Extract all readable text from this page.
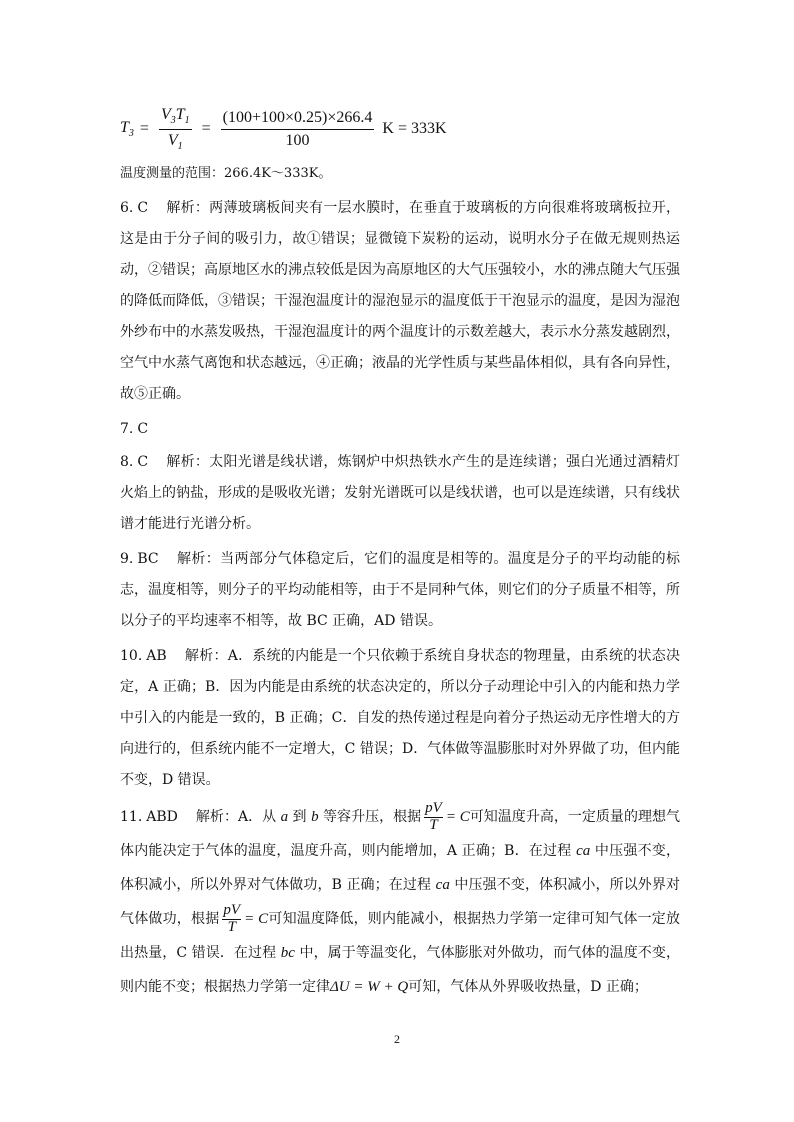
$T_3 = \frac{V_3T_1}{V_1} = \frac{(100+100\times 0.25)\times 266.4}{100}$ K = 333K
温度测量的范围：266.4K～333K。
6. C 解析：两薄玻璃板间夹有一层水膜时，在垂直于玻璃板的方向很难将玻璃板拉开，这是由于分子间的吸引力，故①错误；显微镜下炭粉的运动，说明水分子在做无规则热运动，②错误；高原地区水的沸点较低是因为高原地区的大气压强较小，水的沸点随大气压强的降低而降低，③错误；干湿泡温度计的湿泡显示的温度低于干泡显示的温度，是因为湿泡外纱布中的水蒸发吸热，干湿泡温度计的两个温度计的示数差越大，表示水分蒸发越剧烈，空气中水蒸气离饱和状态越远，④正确；液晶的光学性质与某些晶体相似，具有各向异性，故⑤正确。
7. C
8. C 解析：太阳光谱是线状谱，炼钢炉中炽热铁水产生的是连续谱；强白光通过酒精灯火焰上的钠盐，形成的是吸收光谱；发射光谱既可以是线状谱，也可以是连续谱，只有线状谱才能进行光谱分析。
9. BC 解析：当两部分气体稳定后，它们的温度是相等的。温度是分子的平均动能的标志，温度相等，则分子的平均动能相等，由于不是同种气体，则它们的分子质量不相等，所以分子的平均速率不相等，故 BC 正确，AD 错误。
10. AB 解析：A．系统的内能是一个只依赖于系统自身状态的物理量，由系统的状态决定，A 正确；B．因为内能是由系统的状态决定的，所以分子动理论中引入的内能和热力学中引入的内能是一致的，B 正确；C．自发的热传递过程是向着分子热运动无序性增大的方向进行的，但系统内能不一定增大，C 错误；D．气体做等温膨胀时对外界做了功，但内能不变，D 错误。
11. ABD 解析：A．从 a 到 b 等容升压，根据 $\frac{pV}{T} = C$可知温度升高，一定质量的理想气体内能决定于气体的温度，温度升高，则内能增加，A 正确；B．在过程 ca 中压强不变，体积减小，所以外界对气体做功，B 正确；在过程 ca 中压强不变，体积减小，所以外界对气体做功，根据 $\frac{pV}{T} = C$可知温度降低，则内能减小，根据热力学第一定律可知气体一定放出热量，C 错误．在过程 bc 中，属于等温变化，气体膨胀对外做功，而气体的温度不变，则内能不变；根据热力学第一定律ΔU = W + Q可知，气体从外界吸收热量，D 正确；
2
